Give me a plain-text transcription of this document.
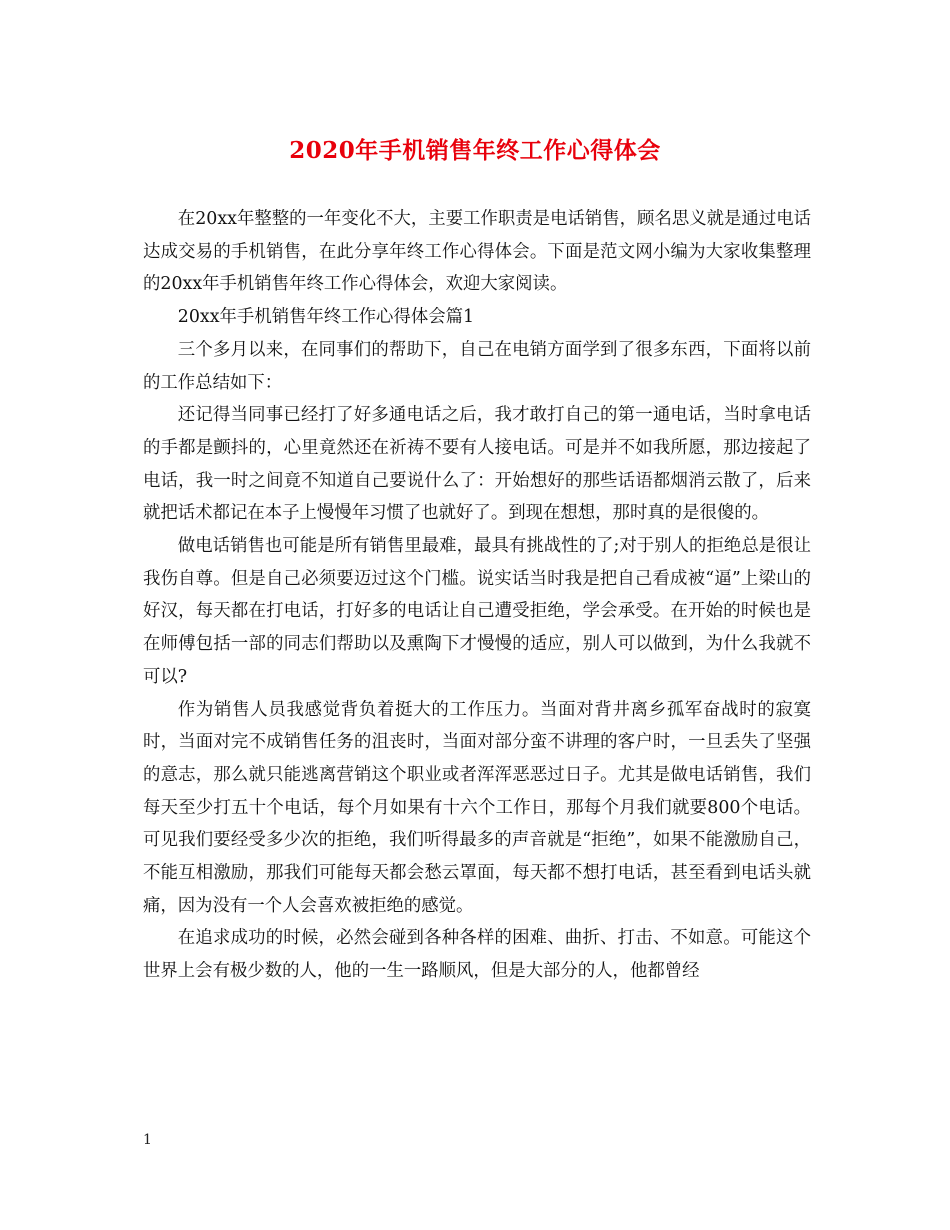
2020年手机销售年终工作心得体会

在20xx年整整的一年变化不大，主要工作职责是电话销售，顾名思义就是通过电话达成交易的手机销售，在此分享年终工作心得体会。下面是范文网小编为大家收集整理的20xx年手机销售年终工作心得体会，欢迎大家阅读。

20xx年手机销售年终工作心得体会篇1

三个多月以来，在同事们的帮助下，自己在电销方面学到了很多东西，下面将以前的工作总结如下：

还记得当同事已经打了好多通电话之后，我才敢打自己的第一通电话，当时拿电话的手都是颤抖的，心里竟然还在祈祷不要有人接电话。可是并不如我所愿，那边接起了电话，我一时之间竟不知道自己要说什么了：开始想好的那些话语都烟消云散了，后来就把话术都记在本子上慢慢年习惯了也就好了。到现在想想，那时真的是很傻的。

做电话销售也可能是所有销售里最难，最具有挑战性的了;对于别人的拒绝总是很让我伤自尊。但是自己必须要迈过这个门槛。说实话当时我是把自己看成被“逼”上梁山的好汉，每天都在打电话，打好多的电话让自己遭受拒绝，学会承受。在开始的时候也是在师傅包括一部的同志们帮助以及熏陶下才慢慢的适应，别人可以做到，为什么我就不可以?

作为销售人员我感觉背负着挺大的工作压力。当面对背井离乡孤军奋战时的寂寞时，当面对完不成销售任务的沮丧时，当面对部分蛮不讲理的客户时，一旦丢失了坚强的意志，那么就只能逃离营销这个职业或者浑浑恶恶过日子。尤其是做电话销售，我们每天至少打五十个电话，每个月如果有十六个工作日，那每个月我们就要800个电话。可见我们要经受多少次的拒绝，我们听得最多的声音就是“拒绝”，如果不能激励自己，不能互相激励，那我们可能每天都会愁云罩面，每天都不想打电话，甚至看到电话头就痛，因为没有一个人会喜欢被拒绝的感觉。

在追求成功的时候，必然会碰到各种各样的困难、曲折、打击、不如意。可能这个世界上会有极少数的人，他的一生一路顺风，但是大部分的人，他都曾经

1
